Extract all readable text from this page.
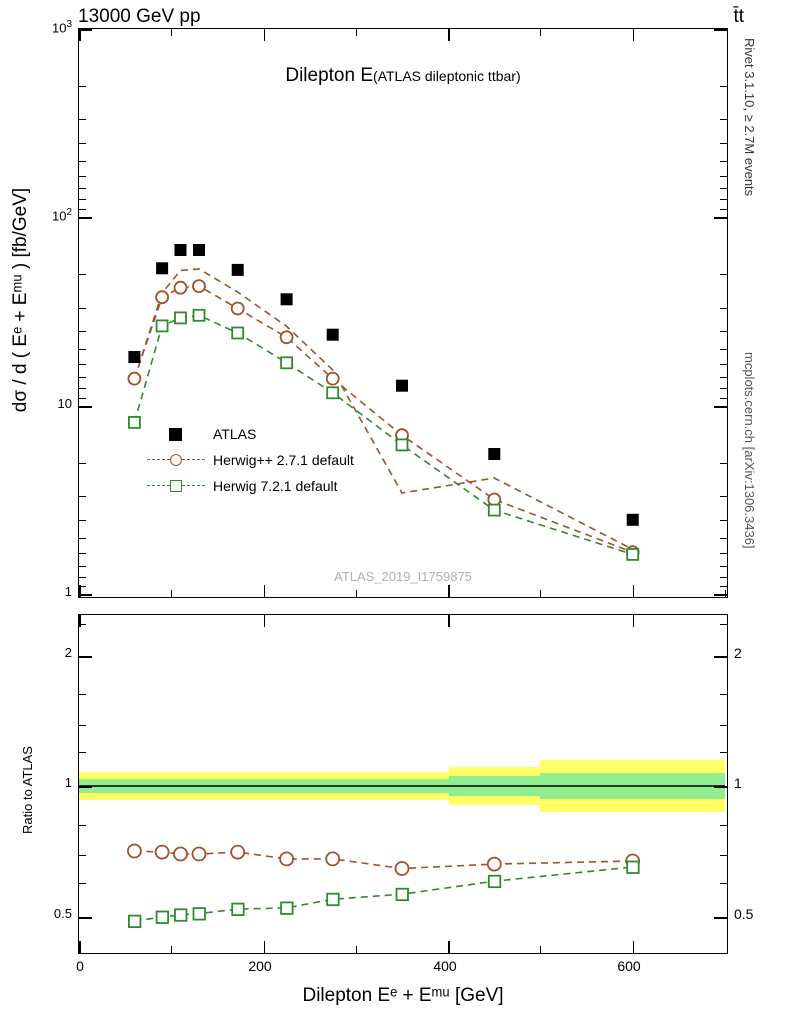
13000 GeV pp	t̄t
Rivet 3.1.10, ≥ 2.7M events
mcplots.cern.ch [arXiv:1306.3436]
dσ / d ( Eᵉ + Eᵐᵘ ) [fb/GeV]
Ratio to ATLAS
Dilepton Eᵉ + Eᵐᵘ [GeV]
Dilepton E(ATLAS dileptonic ttbar)
ATLAS_2019_I1759875
ATLAS
Herwig++ 2.7.1 default
Herwig 7.2.1 default
$10^3$
$10^2$
10
1
2
1
0.5
2
1
0.5
0	200	400	600
